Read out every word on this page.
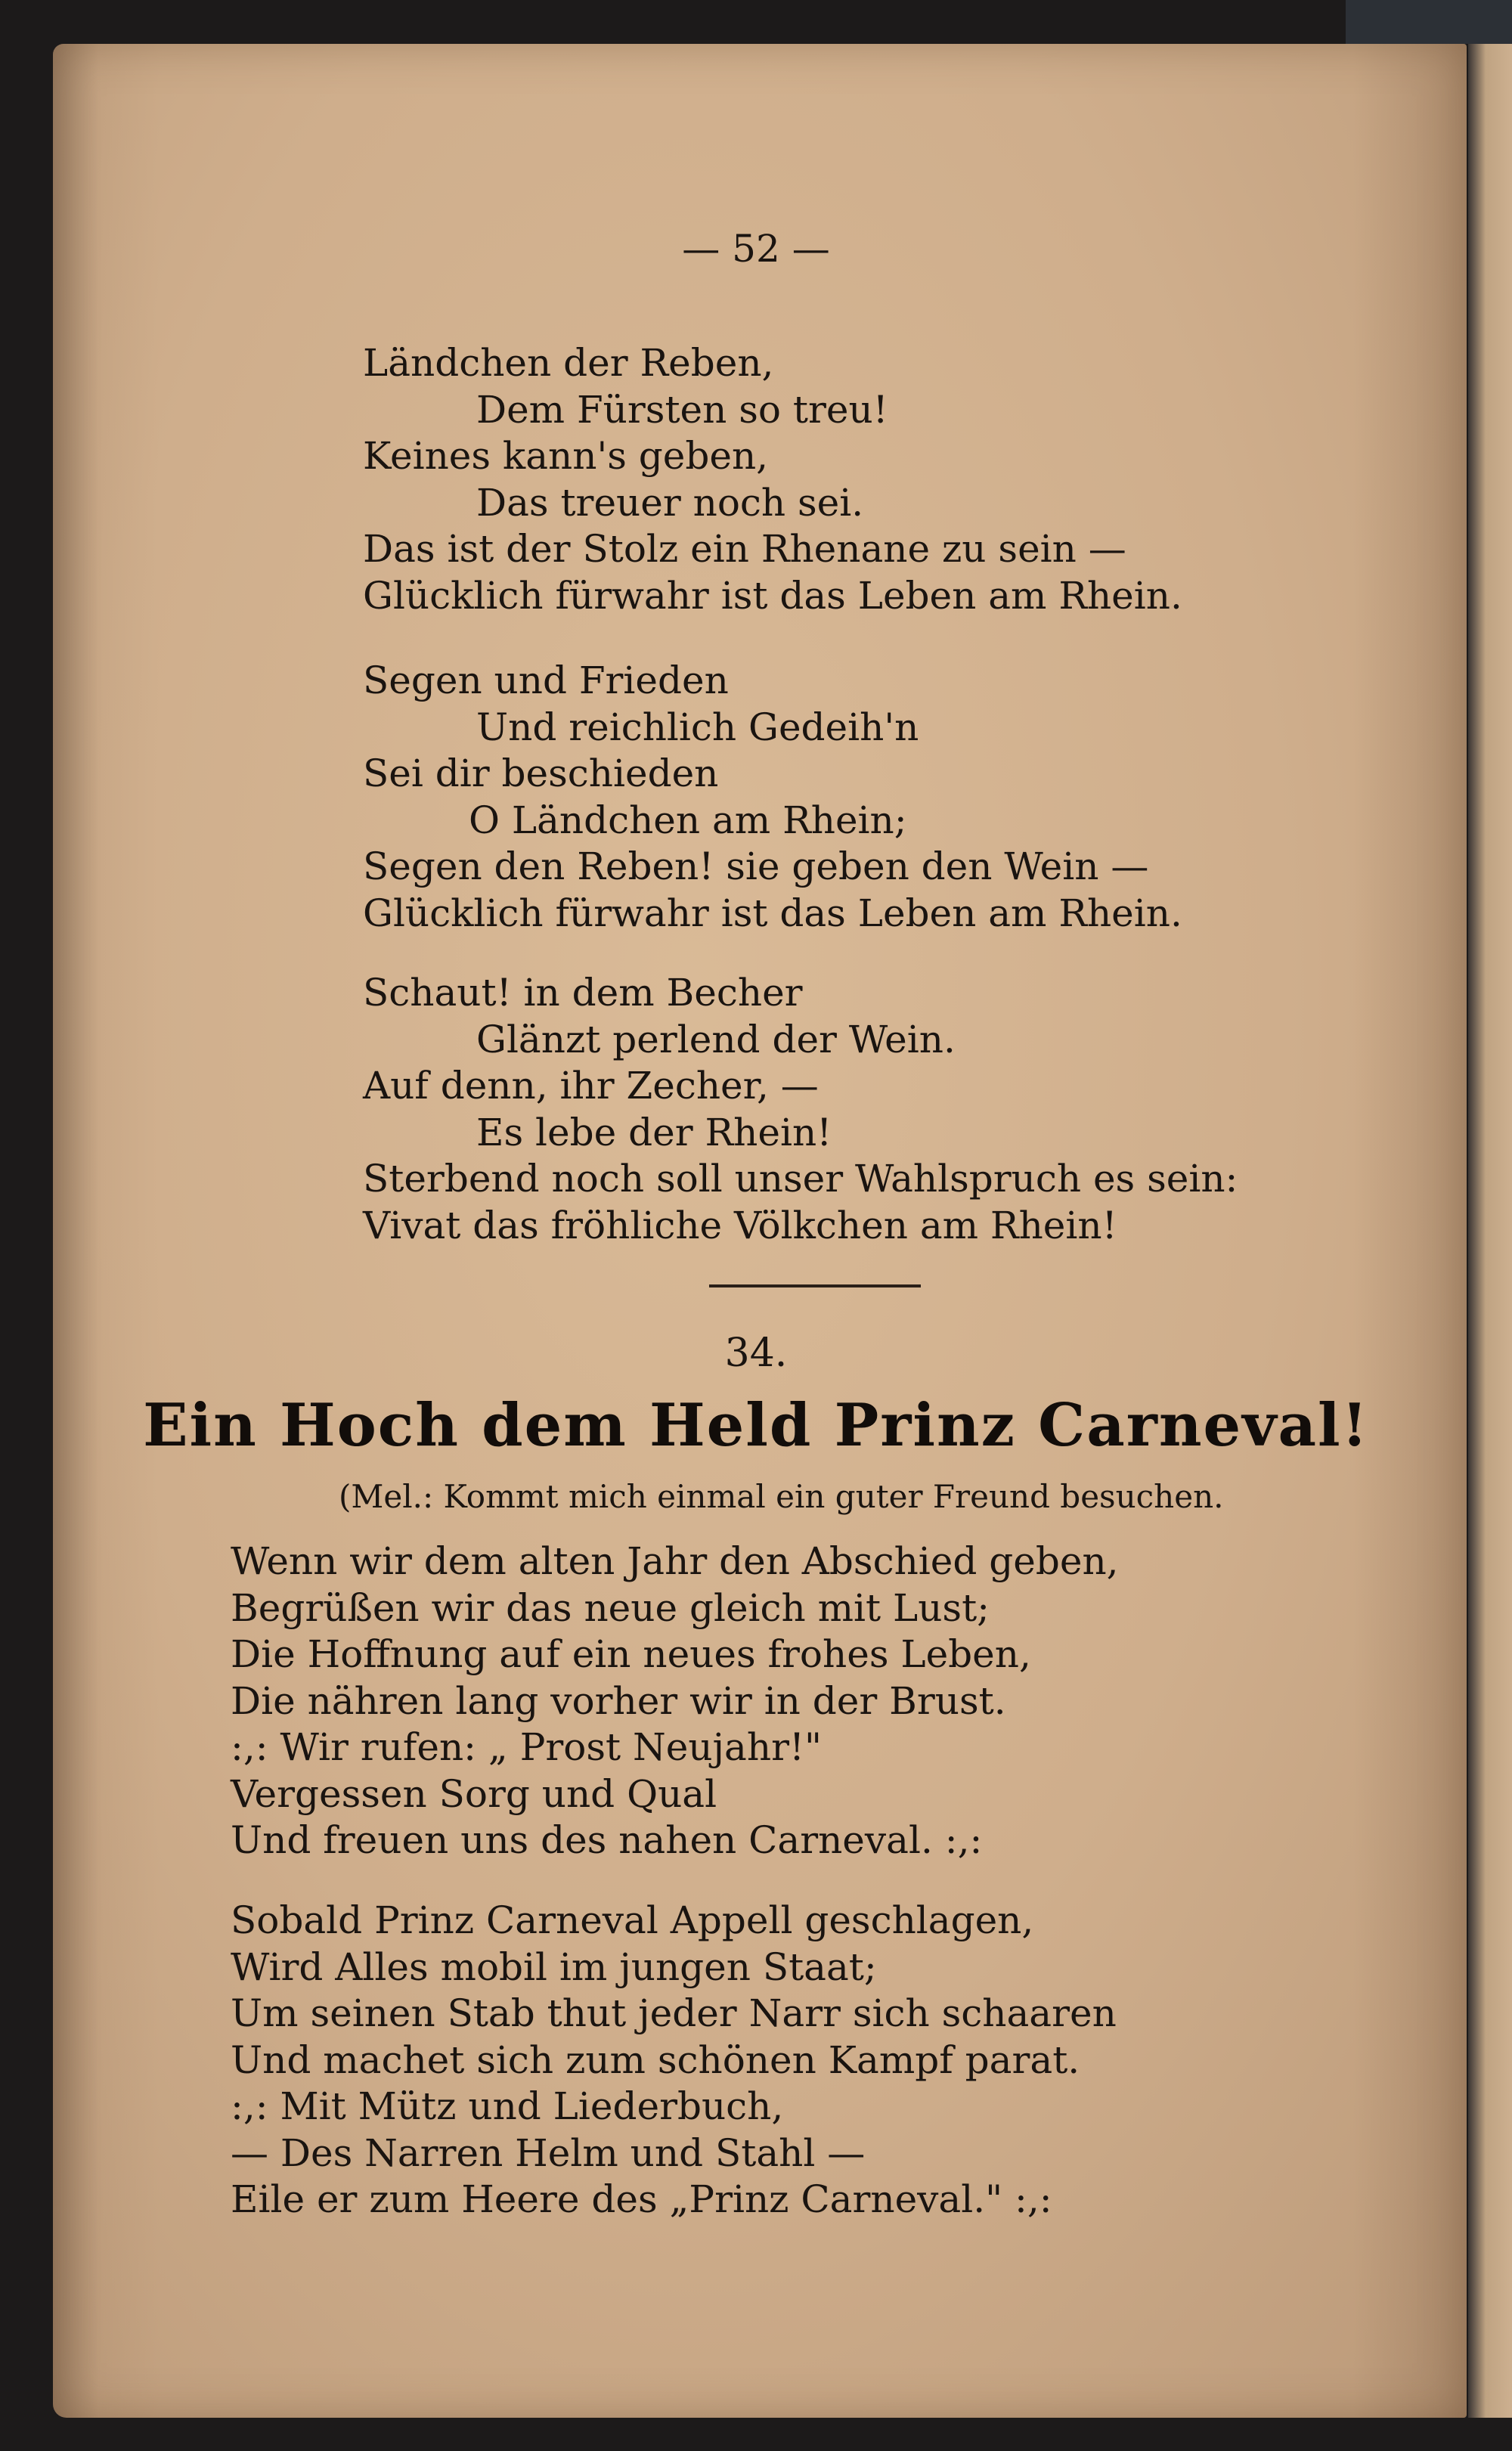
— 52 —
Ländchen der Reben,
Dem Fürsten so treu!
Keines kann's geben,
Das treuer noch sei.
Das ist der Stolz ein Rhenane zu sein —
Glücklich fürwahr ist das Leben am Rhein.
Segen und Frieden
Und reichlich Gedeih'n
Sei dir beschieden
O Ländchen am Rhein;
Segen den Reben! sie geben den Wein —
Glücklich fürwahr ist das Leben am Rhein.
Schaut! in dem Becher
Glänzt perlend der Wein.
Auf denn, ihr Zecher, —
Es lebe der Rhein!
Sterbend noch soll unser Wahlspruch es sein:
Vivat das fröhliche Völkchen am Rhein!
34.
Ein Hoch dem Held Prinz Carneval!
(Mel.: Kommt mich einmal ein guter Freund besuchen.
Wenn wir dem alten Jahr den Abschied geben,
Begrüßen wir das neue gleich mit Lust;
Die Hoffnung auf ein neues frohes Leben,
Die nähren lang vorher wir in der Brust.
:,: Wir rufen: „ Prost Neujahr!"
Vergessen Sorg und Qual
Und freuen uns des nahen Carneval. :,:
Sobald Prinz Carneval Appell geschlagen,
Wird Alles mobil im jungen Staat;
Um seinen Stab thut jeder Narr sich schaaren
Und machet sich zum schönen Kampf parat.
:,: Mit Mütz und Liederbuch,
— Des Narren Helm und Stahl —
Eile er zum Heere des „Prinz Carneval." :,:
